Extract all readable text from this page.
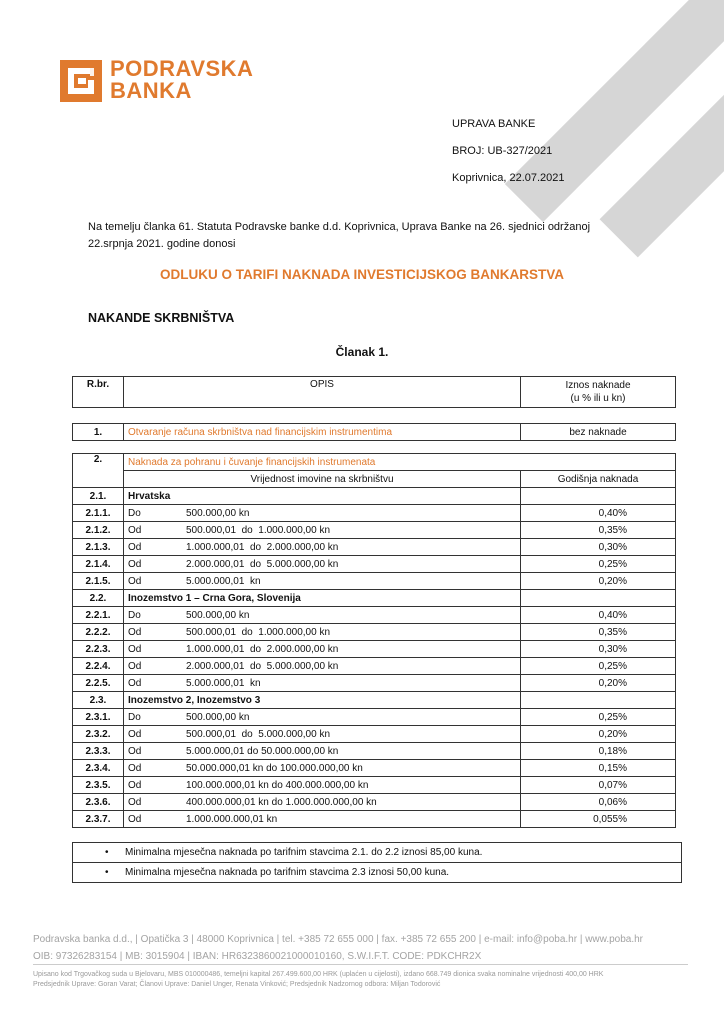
PODRAVSKA
BANKA
UPRAVA BANKE
BROJ: UB-327/2021
Koprivnica, 22.07.2021
Na temelju članka 61. Statuta Podravske banke d.d. Koprivnica, Uprava Banke na 26. sjednici održanoj 22.srpnja 2021. godine donosi
ODLUKU O TARIFI NAKNADA INVESTICIJSKOG BANKARSTVA
NAKANDE SKRBNIŠTVA
Članak 1.
R.br.	OPIS	Iznos naknade
(u % ili u kn)
1.	Otvaranje računa skrbništva nad financijskim instrumentima	bez naknade
2.	Naknada za pohranu i čuvanje financijskih instrumenata	
	Vrijednost imovine na skrbništvu	Godišnja naknada
2.1.	Hrvatska	
2.1.1.	Do 500.000,00 kn	0,40%
2.1.2.	Od 500.000,01  do  1.000.000,00 kn	0,35%
2.1.3.	Od 1.000.000,01  do  2.000.000,00 kn	0,30%
2.1.4.	Od 2.000.000,01  do  5.000.000,00 kn	0,25%
2.1.5.	Od 5.000.000,01  kn	0,20%
2.2.	Inozemstvo 1 – Crna Gora, Slovenija	
2.2.1.	Do 500.000,00 kn	0,40%
2.2.2.	Od 500.000,01  do  1.000.000,00 kn	0,35%
2.2.3.	Od 1.000.000,01  do  2.000.000,00 kn	0,30%
2.2.4.	Od 2.000.000,01  do  5.000.000,00 kn	0,25%
2.2.5.	Od 5.000.000,01  kn	0,20%
2.3.	Inozemstvo 2, Inozemstvo 3	
2.3.1.	Do 500.000,00 kn	0,25%
2.3.2.	Od 500.000,01  do  5.000.000,00 kn	0,20%
2.3.3.	Od 5.000.000,01 do 50.000.000,00 kn	0,18%
2.3.4.	Od 50.000.000,01 kn do 100.000.000,00 kn	0,15%
2.3.5.	Od 100.000.000,01 kn do 400.000.000,00 kn	0,07%
2.3.6.	Od 400.000.000,01 kn do 1.000.000.000,00 kn	0,06%
2.3.7.	Od 1.000.000.000,01 kn	0,055%
• Minimalna mjesečna naknada po tarifnim stavcima 2.1. do 2.2 iznosi 85,00 kuna.
• Minimalna mjesečna naknada po tarifnim stavcima 2.3 iznosi 50,00 kuna.
Podravska banka d.d., | Opatička 3 | 48000 Koprivnica | tel. +385 72 655 000 | fax. +385 72 655 200 | e-mail: info@poba.hr | www.poba.hr
OIB: 97326283154 | MB: 3015904 | IBAN: HR6323860021000010160, S.W.I.F.T. CODE: PDKCHR2X
Upisano kod Trgovačkog suda u Bjelovaru, MBS 010000486, temeljni kapital 267.499.600,00 HRK (uplaćen u cijelosti), izdano 668.749 dionica svaka nominalne vrijednosti 400,00 HRK
Predsjednik Uprave: Goran Varat; Članovi Uprave: Daniel Unger, Renata Vinković; Predsjednik Nadzornog odbora: Miljan Todorović
